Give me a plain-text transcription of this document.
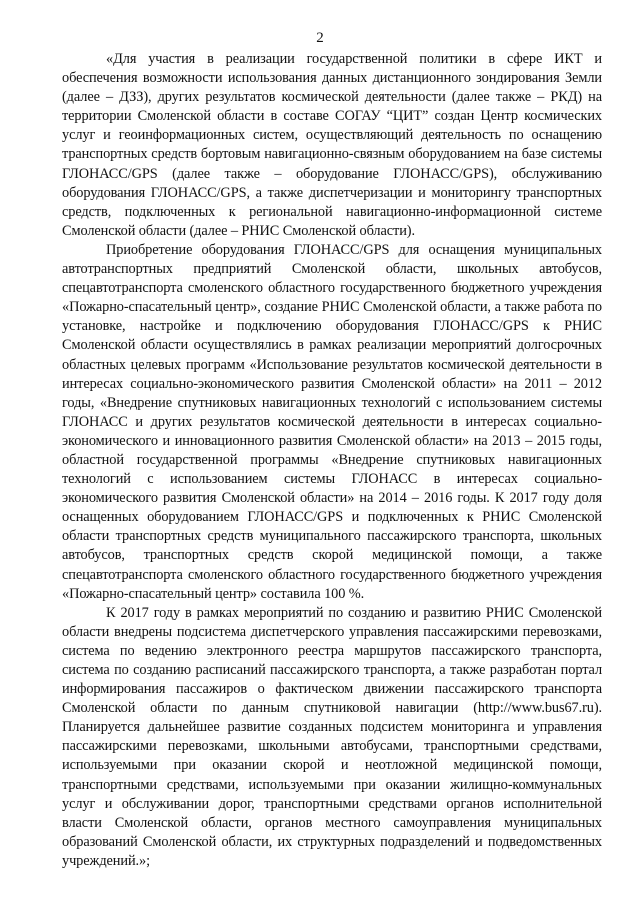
2

«Для участия в реализации государственной политики в сфере ИКТ и обеспечения возможности использования данных дистанционного зондирования Земли (далее – ДЗЗ), других результатов космической деятельности (далее также – РКД) на территории Смоленской области в составе СОГАУ “ЦИТ” создан Центр космических услуг и геоинформационных систем, осуществляющий деятельность по оснащению транспортных средств бортовым навигационно-связным оборудованием на базе системы ГЛОНАСС/GPS (далее также – оборудование ГЛОНАСС/GPS), обслуживанию оборудования ГЛОНАСС/GPS, а также диспетчеризации и мониторингу транспортных средств, подключенных к региональной навигационно-информационной системе Смоленской области (далее – РНИС Смоленской области).

Приобретение оборудования ГЛОНАСС/GPS для оснащения муниципальных автотранспортных предприятий Смоленской области, школьных автобусов, спецавтотранспорта смоленского областного государственного бюджетного учреждения «Пожарно-спасательный центр», создание РНИС Смоленской области, а также работа по установке, настройке и подключению оборудования ГЛОНАСС/GPS к РНИС Смоленской области осуществлялись в рамках реализации мероприятий долгосрочных областных целевых программ «Использование результатов космической деятельности в интересах социально-экономического развития Смоленской области» на 2011 – 2012 годы, «Внедрение спутниковых навигационных технологий с использованием системы ГЛОНАСС и других результатов космической деятельности в интересах социально-экономического и инновационного развития Смоленской области» на 2013 – 2015 годы, областной государственной программы «Внедрение спутниковых навигационных технологий с использованием системы ГЛОНАСС в интересах социально-экономического развития Смоленской области» на 2014 – 2016 годы. К 2017 году доля оснащенных оборудованием ГЛОНАСС/GPS и подключенных к РНИС Смоленской области транспортных средств муниципального пассажирского транспорта, школьных автобусов, транспортных средств скорой медицинской помощи, а также спецавтотранспорта смоленского областного государственного бюджетного учреждения «Пожарно-спасательный центр» составила 100 %.

К 2017 году в рамках мероприятий по созданию и развитию РНИС Смоленской области внедрены подсистема диспетчерского управления пассажирскими перевозками, система по ведению электронного реестра маршрутов пассажирского транспорта, система по созданию расписаний пассажирского транспорта, а также разработан портал информирования пассажиров о фактическом движении пассажирского транспорта Смоленской области по данным спутниковой навигации (http://www.bus67.ru). Планируется дальнейшее развитие созданных подсистем мониторинга и управления пассажирскими перевозками, школьными автобусами, транспортными средствами, используемыми при оказании скорой и неотложной медицинской помощи, транспортными средствами, используемыми при оказании жилищно-коммунальных услуг и обслуживании дорог, транспортными средствами органов исполнительной власти Смоленской области, органов местного самоуправления муниципальных образований Смоленской области, их структурных подразделений и подведомственных учреждений.»;
